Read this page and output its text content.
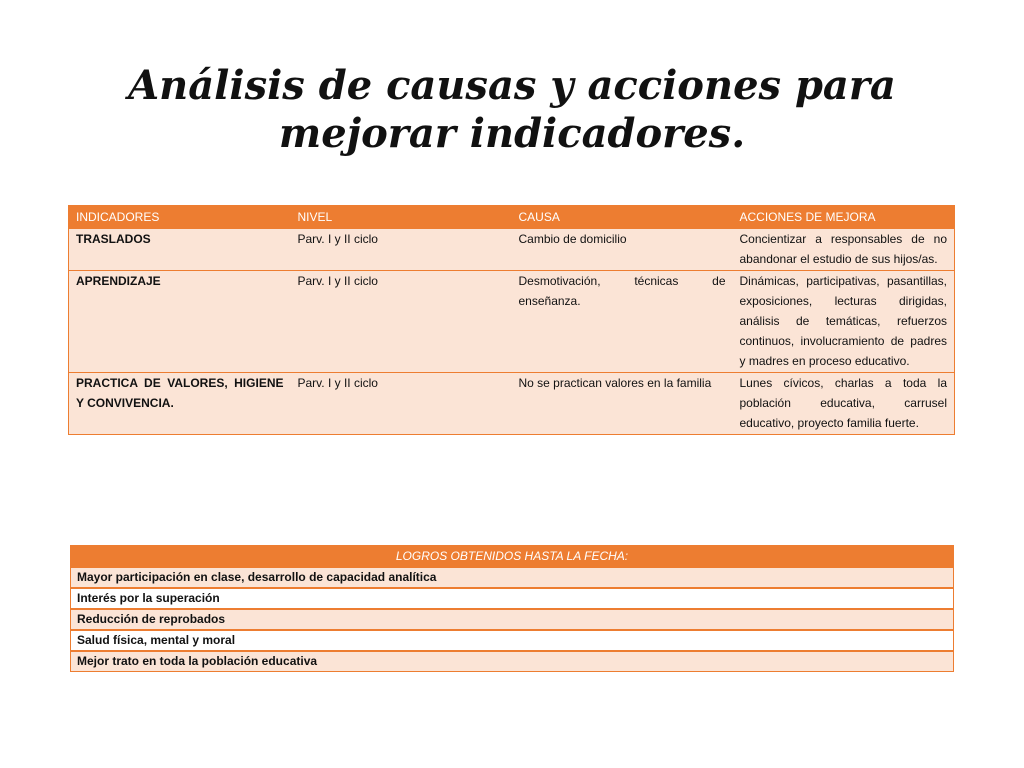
Análisis de causas y acciones para
mejorar indicadores.
INDICADORES	NIVEL	CAUSA	ACCIONES DE MEJORA
TRASLADOS	Parv. I y II ciclo	Cambio de domicilio	Concientizar a responsables de no abandonar el estudio de sus hijos/as.
APRENDIZAJE	Parv. I y II ciclo	Desmotivación, técnicas de enseñanza.	Dinámicas, participativas, pasantillas, exposiciones, lecturas dirigidas, análisis de temáticas, refuerzos continuos, involucramiento de padres y madres en proceso educativo.
PRACTICA DE VALORES, HIGIENE Y CONVIVENCIA.	Parv. I y II ciclo	No se practican valores en la familia	Lunes cívicos, charlas a toda la población educativa, carrusel educativo, proyecto familia fuerte.
LOGROS OBTENIDOS HASTA LA FECHA:
Mayor participación en clase, desarrollo de capacidad analítica
Interés por la superación
Reducción de reprobados
Salud física, mental y moral
Mejor trato en toda la población educativa
